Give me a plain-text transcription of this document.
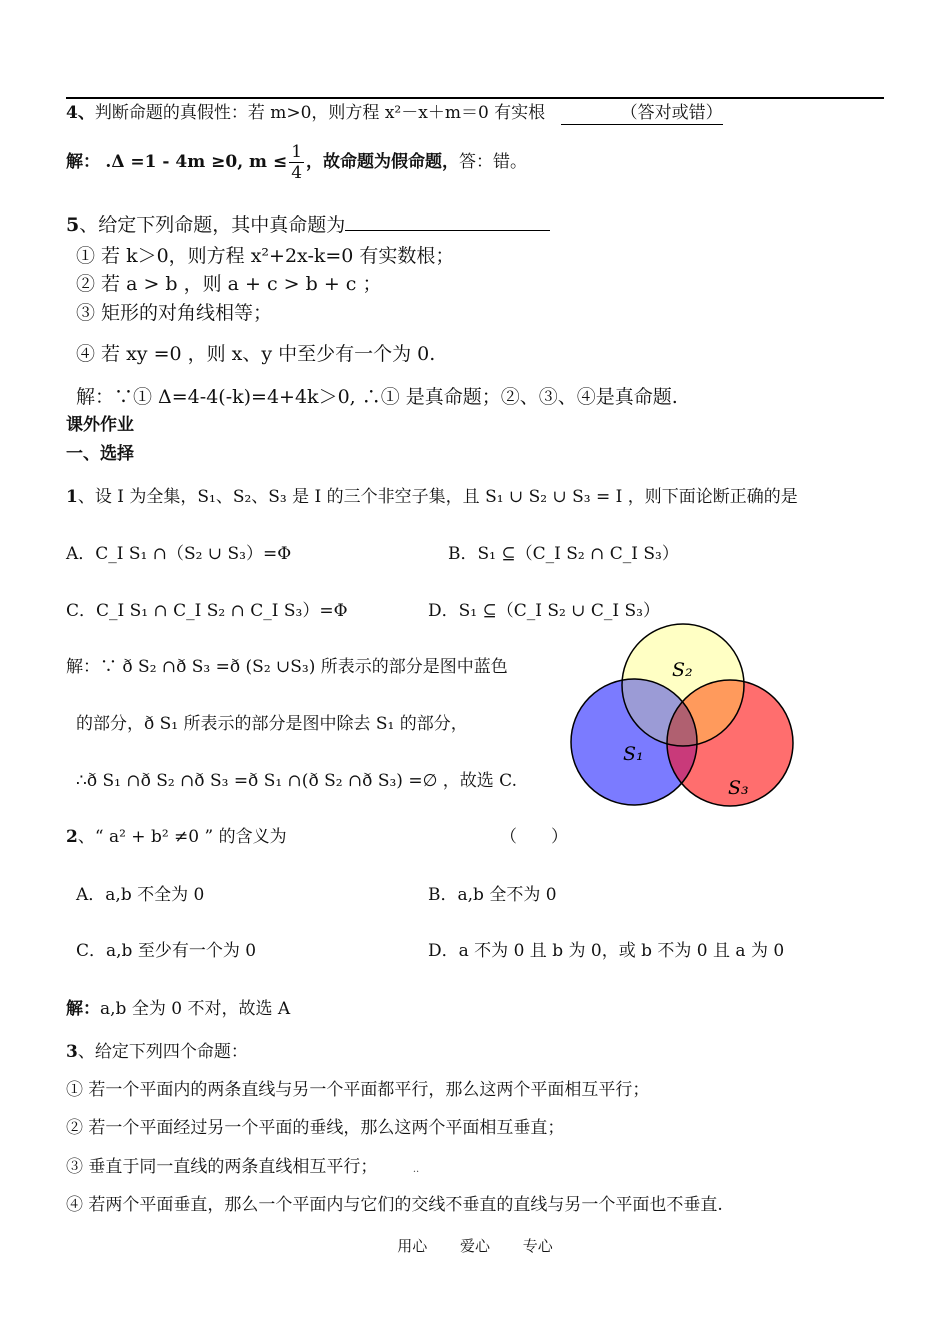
4、判断命题的真假性：若 m>0，则方程 x²－x＋m＝0 有实根	（答对或错）
解： .Δ =1 - 4m ≥0, $m \le \frac{1}{4}$ ，故命题为假命题，答：错。
5、给定下列命题，其中真命题为
① 若 k＞0，则方程 x²+2x-k=0 有实数根；
② 若 a > b ，则 a + c > b + c ；
③ 矩形的对角线相等；
④ 若 xy =0 ，则 x、y 中至少有一个为 0.
解：∵① Δ=4-4(-k)=4+4k＞0, ∴① 是真命题；②、③、④是真命题.
课外作业
一、选择
1、设 I 为全集，S₁、S₂、S₃ 是 I 的三个非空子集，且 S₁ ∪ S₂ ∪ S₃ = I ，则下面论断正确的是
A．C_I S₁ ∩（S₂ ∪ S₃）=Φ	B．S₁ ⊆（C_I S₂ ∩ C_I S₃）
C．C_I S₁ ∩ C_I S₂ ∩ C_I S₃）=Φ	D．S₁ ⊆（C_I S₂ ∪ C_I S₃）
解：∵ ð S₂ ∩ð S₃ =ð (S₂ ∪S₃) 所表示的部分是图中蓝色
的部分，ð S₁ 所表示的部分是图中除去 S₁ 的部分，
∴ð S₁ ∩ð S₂ ∩ð S₃ =ð S₁ ∩(ð S₂ ∩ð S₃) =∅ ，故选 C.
S₂
S₁
S₃
2、“ a² + b² ≠0 ” 的含义为	（　　）
A．a,b 不全为 0	B．a,b 全不为 0
C．a,b 至少有一个为 0	D．a 不为 0 且 b 为 0，或 b 不为 0 且 a 为 0
解：a,b 全为 0 不对，故选 A
3、给定下列四个命题：
① 若一个平面内的两条直线与另一个平面都平行，那么这两个平面相互平行；
② 若一个平面经过另一个平面的垂线，那么这两个平面相互垂直；
③ 垂直于同一直线的两条直线相互平行；	..
④ 若两个平面垂直，那么一个平面内与它们的交线不垂直的直线与另一个平面也不垂直.
用心 爱心 专心
